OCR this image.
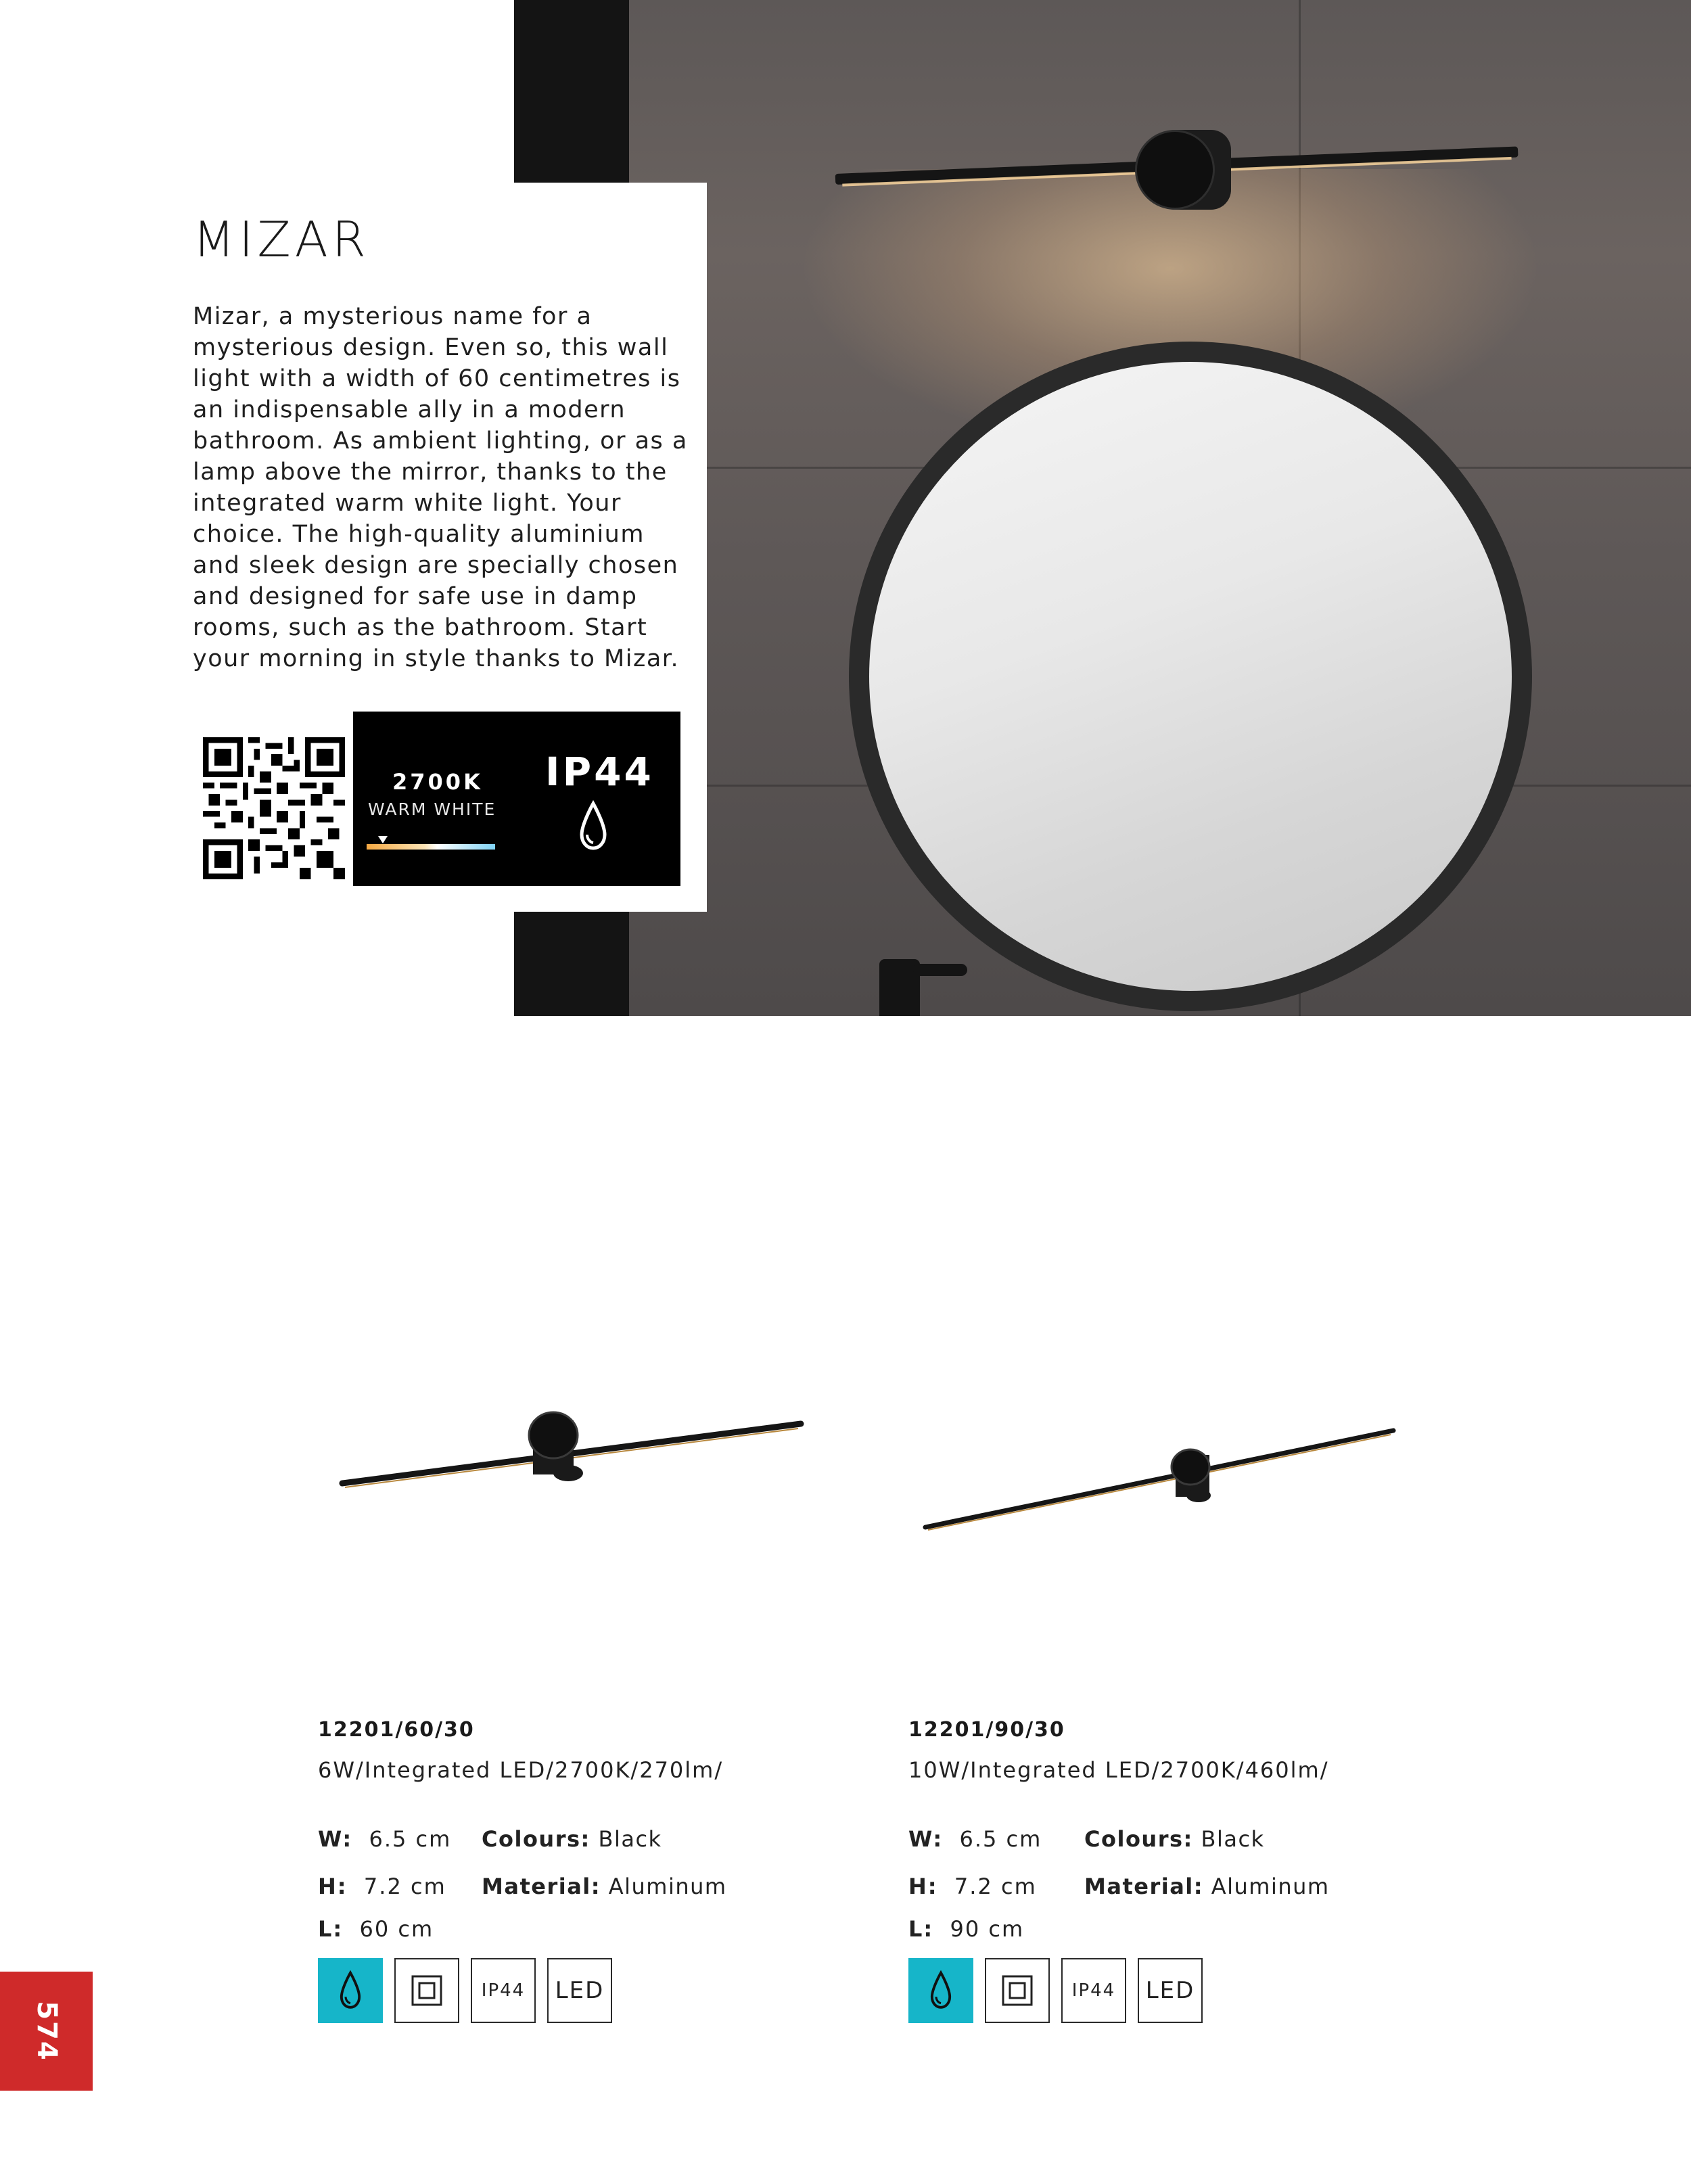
MIZAR
Mizar, a mysterious name for a mysterious design. Even so, this wall light with a width of 60 centimetres is an indispensable ally in a modern bathroom. As ambient lighting, or as a lamp above the mirror, thanks to the integrated warm white light. Your choice. The high-quality aluminium and sleek design are specially chosen and designed for safe use in damp rooms, such as the bathroom. Start your morning in style thanks to Mizar.
2700K
WARM WHITE
IP44
12201/60/30
6W/Integrated LED/2700K/270lm/
W: 6.5 cm
H: 7.2 cm
L: 60 cm
Colours: Black
Material: Aluminum
IP44	LED
12201/90/30
10W/Integrated LED/2700K/460lm/
W: 6.5 cm
H: 7.2 cm
L: 90 cm
Colours: Black
Material: Aluminum
IP44	LED
574
